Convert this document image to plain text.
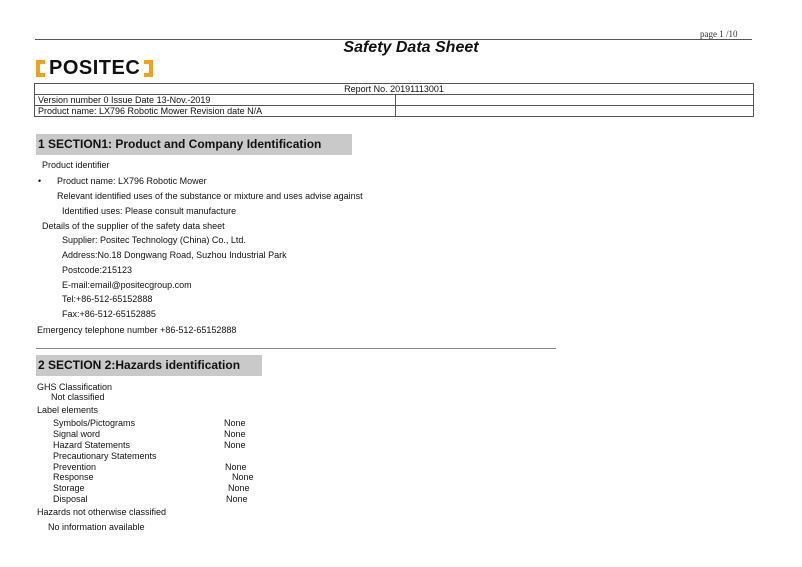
page 1 /10
Safety Data Sheet
POSITEC
Report No. 20191113001	
Version number 0 Issue Date 13-Nov.-2019	
Product name: LX796 Robotic Mower Revision date N/A	
1 SECTION1: Product and Company Identification
Product identifier
• Product name: LX796 Robotic Mower
Relevant identified uses of the substance or mixture and uses advise against
Identified uses: Please consult manufacture
Details of the supplier of the safety data sheet
Supplier: Positec Technology (China) Co., Ltd.
Address:No.18 Dongwang Road, Suzhou Industrial Park
Postcode:215123
E-mail:email@positecgroup.com
Tel:+86-512-65152888
Fax:+86-512-65152885
Emergency telephone number +86-512-65152888
2 SECTION 2:Hazards identification
GHS Classification
Not classified
Label elements
Symbols/Pictograms	None
Signal word	None
Hazard Statements	None
Precautionary Statements
Prevention	None
Response	None
Storage	None
Disposal	None
Hazards not otherwise classified
No information available
